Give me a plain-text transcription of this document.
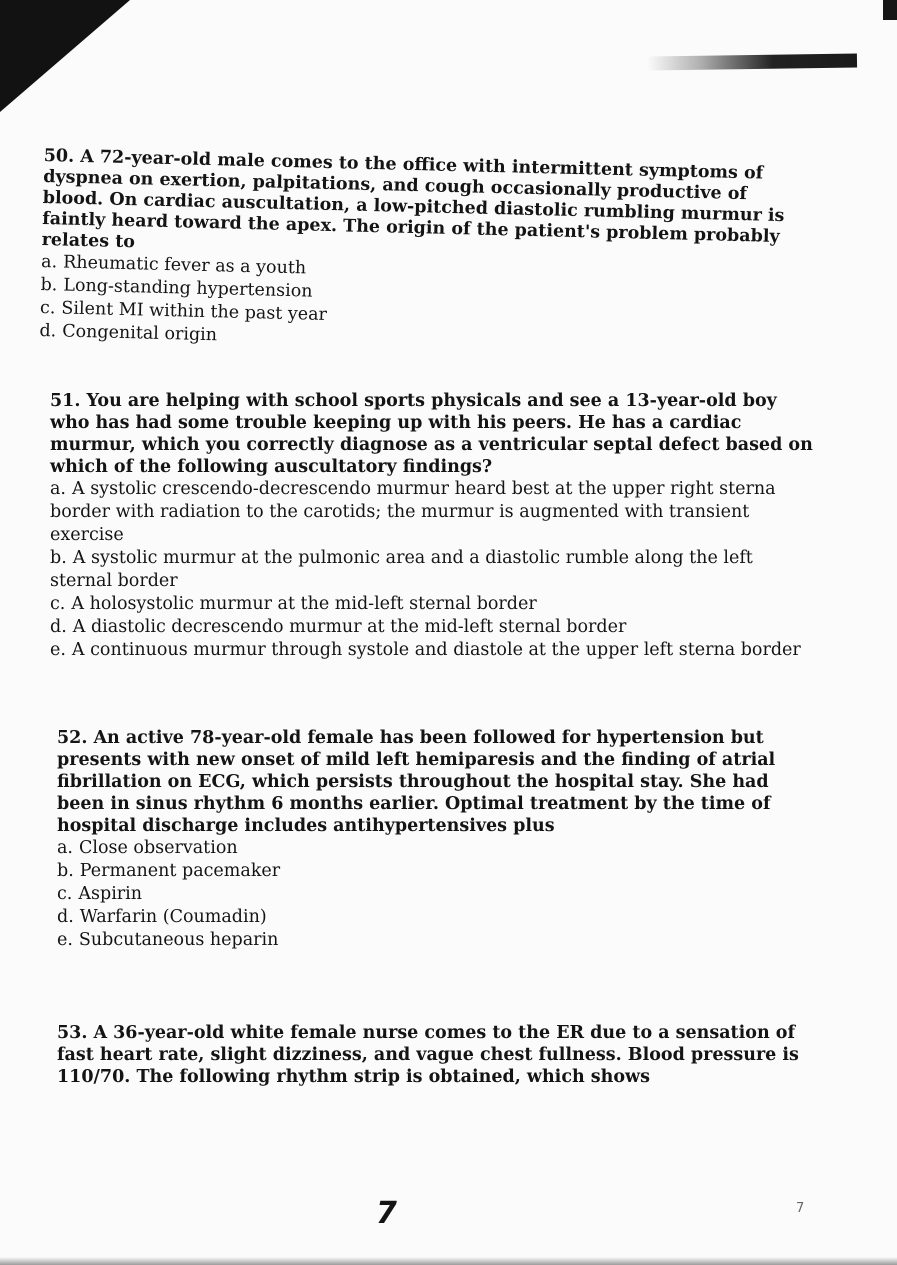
50. A 72-year-old male comes to the office with intermittent symptoms of dyspnea on exertion, palpitations, and cough occasionally productive of blood. On cardiac auscultation, a low-pitched diastolic rumbling murmur is faintly heard toward the apex. The origin of the patient's problem probably relates to

a. Rheumatic fever as a youth
b. Long-standing hypertension
c. Silent MI within the past year
d. Congenital origin

51. You are helping with school sports physicals and see a 13-year-old boy who has had some trouble keeping up with his peers. He has a cardiac murmur, which you correctly diagnose as a ventricular septal defect based on which of the following auscultatory findings?

a. A systolic crescendo-decrescendo murmur heard best at the upper right sterna border with radiation to the carotids; the murmur is augmented with transient exercise
b. A systolic murmur at the pulmonic area and a diastolic rumble along the left sternal border
c. A holosystolic murmur at the mid-left sternal border
d. A diastolic decrescendo murmur at the mid-left sternal border
e. A continuous murmur through systole and diastole at the upper left sterna border

52. An active 78-year-old female has been followed for hypertension but presents with new onset of mild left hemiparesis and the finding of atrial fibrillation on ECG, which persists throughout the hospital stay. She had been in sinus rhythm 6 months earlier. Optimal treatment by the time of hospital discharge includes antihypertensives plus

a. Close observation
b. Permanent pacemaker
c. Aspirin
d. Warfarin (Coumadin)
e. Subcutaneous heparin

53. A 36-year-old white female nurse comes to the ER due to a sensation of fast heart rate, slight dizziness, and vague chest fullness. Blood pressure is 110/70. The following rhythm strip is obtained, which shows

7	7
